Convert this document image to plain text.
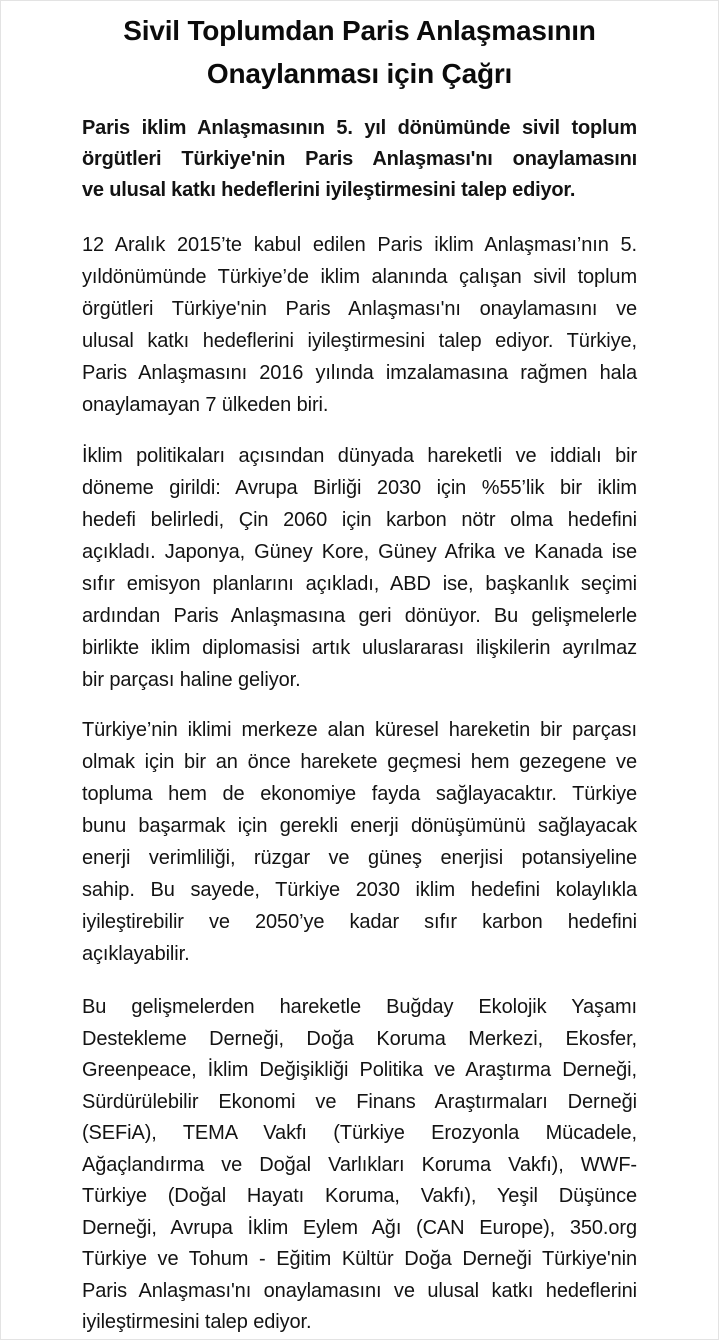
Sivil Toplumdan Paris Anlaşmasının
Onaylanması için Çağrı
Paris iklim Anlaşmasının 5. yıl dönümünde sivil toplum
örgütleri Türkiye'nin Paris Anlaşması'nı onaylamasını
ve ulusal katkı hedeflerini iyileştirmesini talep ediyor.
12 Aralık 2015’te kabul edilen Paris iklim Anlaşması’nın 5.
yıldönümünde Türkiye’de iklim alanında çalışan sivil toplum
örgütleri Türkiye'nin Paris Anlaşması'nı onaylamasını ve
ulusal katkı hedeflerini iyileştirmesini talep ediyor. Türkiye,
Paris Anlaşmasını 2016 yılında imzalamasına rağmen hala
onaylamayan 7 ülkeden biri.
İklim politikaları açısından dünyada hareketli ve iddialı bir
döneme girildi: Avrupa Birliği 2030 için %55’lik bir iklim
hedefi belirledi, Çin 2060 için karbon nötr olma hedefini
açıkladı. Japonya, Güney Kore, Güney Afrika ve Kanada ise
sıfır emisyon planlarını açıkladı, ABD ise, başkanlık seçimi
ardından Paris Anlaşmasına geri dönüyor. Bu gelişmelerle
birlikte iklim diplomasisi artık uluslararası ilişkilerin ayrılmaz
bir parçası haline geliyor.
Türkiye’nin iklimi merkeze alan küresel hareketin bir parçası
olmak için bir an önce harekete geçmesi hem gezegene ve
topluma hem de ekonomiye fayda sağlayacaktır. Türkiye
bunu başarmak için gerekli enerji dönüşümünü sağlayacak
enerji verimliliği, rüzgar ve güneş enerjisi potansiyeline
sahip. Bu sayede, Türkiye 2030 iklim hedefini kolaylıkla
iyileştirebilir ve 2050’ye kadar sıfır karbon hedefini
açıklayabilir.
Bu gelişmelerden hareketle Buğday Ekolojik Yaşamı
Destekleme Derneği, Doğa Koruma Merkezi, Ekosfer,
Greenpeace, İklim Değişikliği Politika ve Araştırma Derneği,
Sürdürülebilir Ekonomi ve Finans Araştırmaları Derneği
(SEFiA), TEMA Vakfı (Türkiye Erozyonla Mücadele,
Ağaçlandırma ve Doğal Varlıkları Koruma Vakfı), WWF-
Türkiye (Doğal Hayatı Koruma, Vakfı), Yeşil Düşünce
Derneği, Avrupa İklim Eylem Ağı (CAN Europe), 350.org
Türkiye ve Tohum - Eğitim Kültür Doğa Derneği Türkiye'nin
Paris Anlaşması'nı onaylamasını ve ulusal katkı hedeflerini
iyileştirmesini talep ediyor.
